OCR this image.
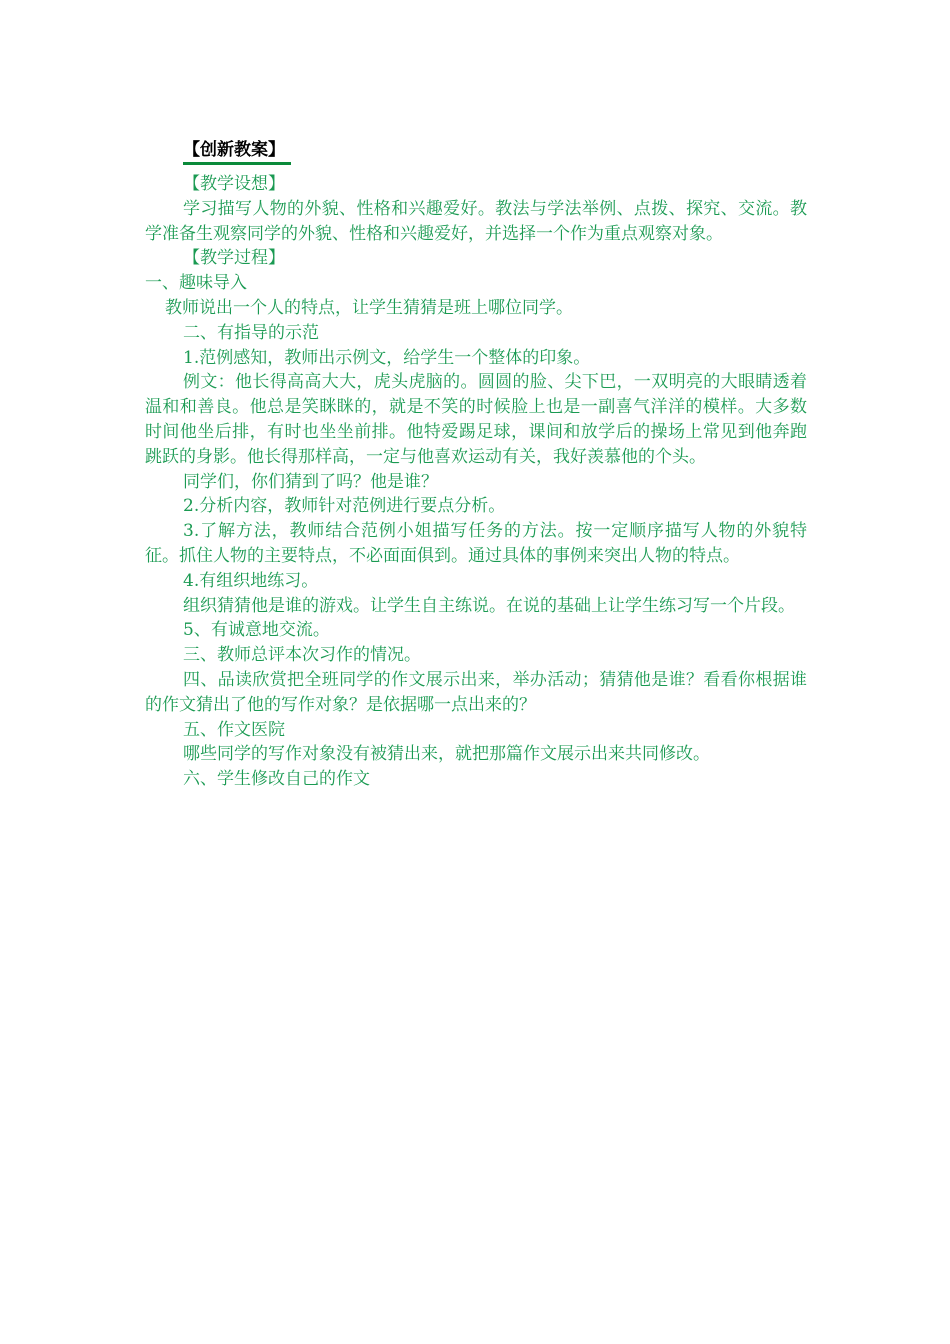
【创新教案】

【教学设想】

学习描写人物的外貌、性格和兴趣爱好。教法与学法举例、点拨、探究、交流。教学准备生观察同学的外貌、性格和兴趣爱好，并选择一个作为重点观察对象。

【教学过程】

一、趣味导入

教师说出一个人的特点，让学生猜猜是班上哪位同学。

二、有指导的示范

1.范例感知，教师出示例文，给学生一个整体的印象。

例文：他长得高高大大，虎头虎脑的。圆圆的脸、尖下巴，一双明亮的大眼睛透着温和和善良。他总是笑眯眯的，就是不笑的时候脸上也是一副喜气洋洋的模样。大多数时间他坐后排，有时也坐坐前排。他特爱踢足球，课间和放学后的操场上常见到他奔跑跳跃的身影。他长得那样高，一定与他喜欢运动有关，我好羡慕他的个头。

同学们，你们猜到了吗？他是谁？

2.分析内容，教师针对范例进行要点分析。

3.了解方法，教师结合范例小姐描写任务的方法。按一定顺序描写人物的外貌特征。抓住人物的主要特点，不必面面俱到。通过具体的事例来突出人物的特点。

4.有组织地练习。

组织猜猜他是谁的游戏。让学生自主练说。在说的基础上让学生练习写一个片段。

5、有诚意地交流。

三、教师总评本次习作的情况。

四、品读欣赏把全班同学的作文展示出来，举办活动；猜猜他是谁？看看你根据谁的作文猜出了他的写作对象？是依据哪一点出来的？

五、作文医院

哪些同学的写作对象没有被猜出来，就把那篇作文展示出来共同修改。

六、学生修改自己的作文
